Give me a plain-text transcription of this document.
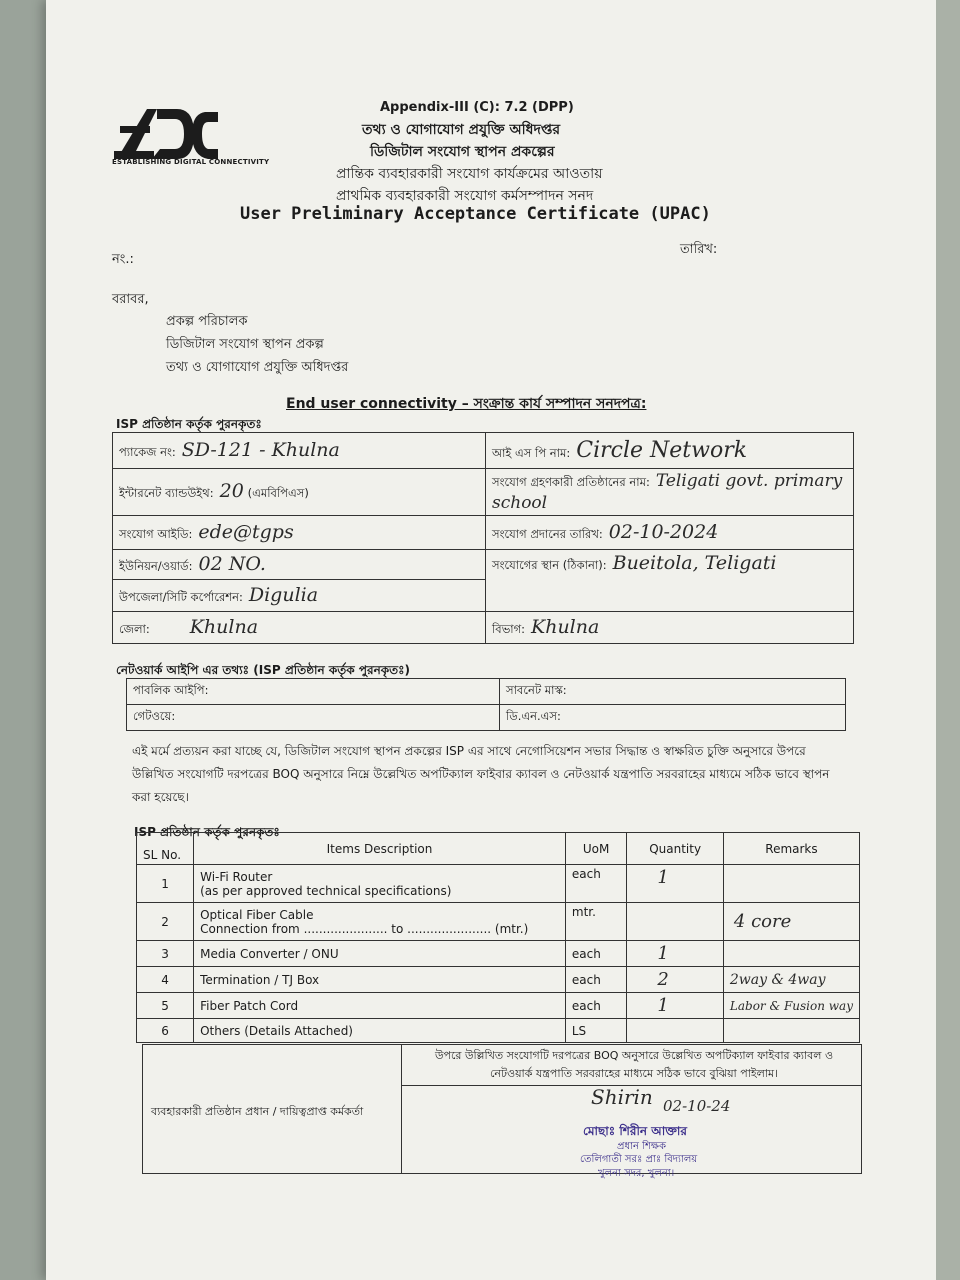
ESTABLISHING DIGITAL CONNECTIVITY
Appendix-III (C): 7.2 (DPP)
তথ্য ও যোগাযোগ প্রযুক্তি অধিদপ্তর
ডিজিটাল সংযোগ স্থাপন প্রকল্পের
প্রান্তিক ব্যবহারকারী সংযোগ কার্যক্রমের আওতায়
প্রাথমিক ব্যবহারকারী সংযোগ কর্মসম্পাদন সনদ
User Preliminary Acceptance Certificate (UPAC)
নং.:
তারিখ:
বরাবর,
প্রকল্প পরিচালক
ডিজিটাল সংযোগ স্থাপন প্রকল্প
তথ্য ও যোগাযোগ প্রযুক্তি অধিদপ্তর
End user connectivity – সংক্রান্ত কার্য সম্পাদন সনদপত্র:
ISP প্রতিষ্ঠান কর্তৃক পুরনকৃতঃ
প্যাকেজ নং: SD-121 - Khulna	আই এস পি নাম: Circle Network
ইন্টারনেট ব্যান্ডউইথ: 20 (এমবিপিএস)	সংযোগ গ্রহণকারী প্রতিষ্ঠানের নাম: Teligati govt. primary school
সংযোগ আইডি: ede@tgps	সংযোগ প্রদানের তারিখ: 02-10-2024
ইউনিয়ন/ওয়ার্ড: 02 NO.	সংযোগের স্থান (ঠিকানা): Bueitola, Teligati
উপজেলা/সিটি কর্পোরেশন: Digulia	
জেলা: Khulna	বিভাগ: Khulna
নেটওয়ার্ক আইপি এর তথ্যঃ (ISP প্রতিষ্ঠান কর্তৃক পুরনকৃতঃ)
পাবলিক আইপি:	সাবনেট মাস্ক:
গেটওয়ে:	ডি.এন.এস:
এই মর্মে প্রত্যয়ন করা যাচ্ছে যে, ডিজিটাল সংযোগ স্থাপন প্রকল্পের ISP এর সাথে নেগোসিয়েশন সভার সিদ্ধান্ত ও স্বাক্ষরিত চুক্তি অনুসারে উপরে উল্লিখিত সংযোগটি দরপত্রের BOQ অনুসারে নিম্নে উল্লেখিত অপটিক্যাল ফাইবার ক্যাবল ও নেটওয়ার্ক যন্ত্রপাতি সরবরাহের মাধ্যমে সঠিক ভাবে স্থাপন করা হয়েছে।
ISP প্রতিষ্ঠান কর্তৃক পুরনকৃতঃ
SL No.	Items Description	UoM	Quantity	Remarks
1	Wi-Fi Router
(as per approved technical specifications)	each	1	
2	Optical Fiber Cable
Connection from ...................... to ...................... (mtr.)	mtr.		4 core
3	Media Converter / ONU	each	1	
4	Termination / TJ Box	each	2	2way & 4way
5	Fiber Patch Cord	each	1	Labor & Fusion way
6	Others (Details Attached)	LS		
ব্যবহারকারী প্রতিষ্ঠান প্রধান / দায়িত্বপ্রাপ্ত কর্মকর্তা
উপরে উল্লিখিত সংযোগটি দরপত্রের BOQ অনুসারে উল্লেখিত অপটিক্যাল ফাইবার ক্যাবল ও নেটওয়ার্ক যন্ত্রপাতি সরবরাহের মাধ্যমে সঠিক ভাবে বুঝিয়া পাইলাম।
Shirin 02-10-24
মোছাঃ শিরীন আক্তার
প্রধান শিক্ষক
তেলিগাতী সরঃ প্রাঃ বিদ্যালয়
খুলনা সদর, খুলনা।
